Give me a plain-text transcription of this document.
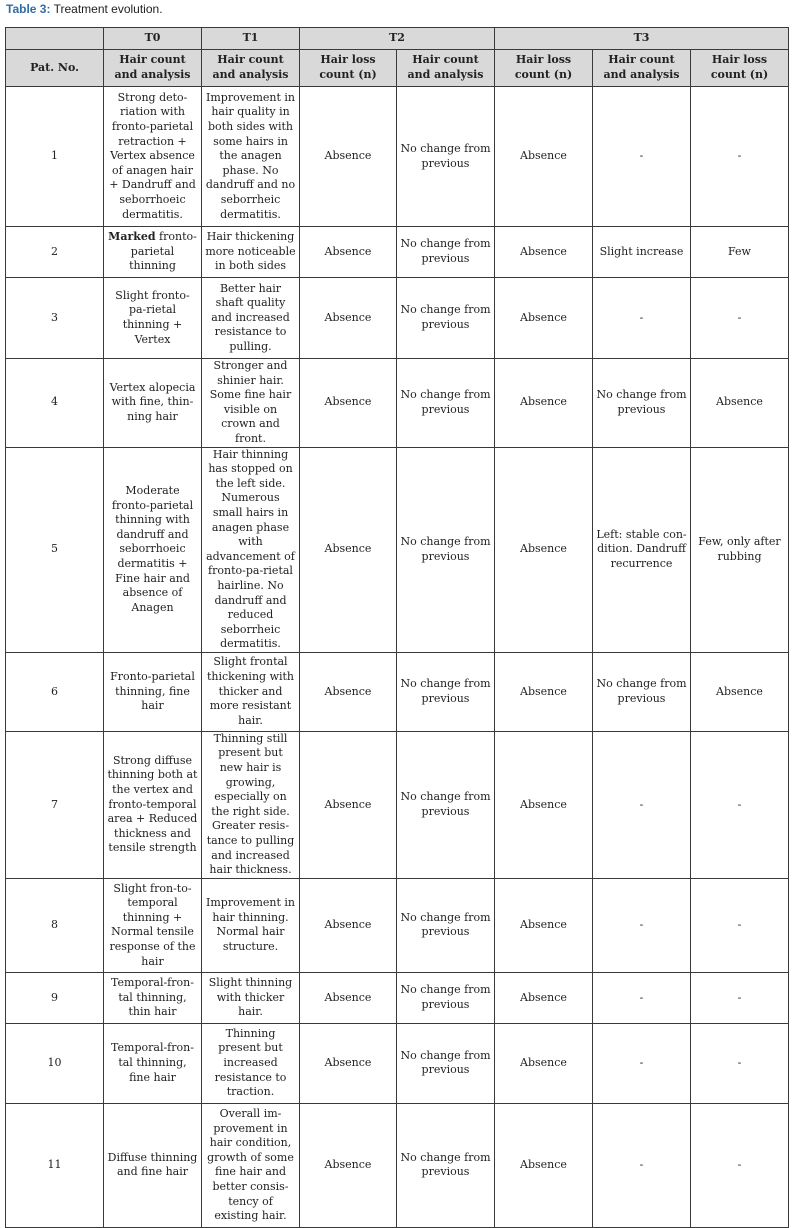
Table 3: Treatment evolution.
	T0	T1	T2		T3		
Pat. No.	Hair count and analysis	Hair count and analysis	Hair loss count (n)	Hair count and analysis	Hair loss count (n)	Hair count and analysis	Hair loss count (n)
1	Strong deto-riation with fronto-parietal retraction + Vertex absence of anagen hair + Dandruff and seborrhoeic dermatitis.	Improvement in hair quality in both sides with some hairs in the anagen phase. No dandruff and no seborrheic dermatitis.	Absence	No change from previous	Absence	-	-
2	Marked fronto-parietal thinning	Hair thickening more noticeable in both sides	Absence	No change from previous	Absence	Slight increase	Few
3	Slight fronto-pa-rietal thinning + Vertex	Better hair shaft quality and increased resistance to pulling.	Absence	No change from previous	Absence	-	-
4	Vertex alopecia with fine, thin-ning hair	Stronger and shinier hair. Some fine hair visible on crown and front.	Absence	No change from previous	Absence	No change from previous	Absence
5	Moderate fronto-parietal thinning with dandruff and seborrhoeic dermatitis + Fine hair and absence of Anagen	Hair thinning has stopped on the left side. Numerous small hairs in anagen phase with advancement of fronto-pa-rietal hairline. No dandruff and reduced seborrheic dermatitis.	Absence	No change from previous	Absence	Left: stable con-dition. Dandruff recurrence	Few, only after rubbing
6	Fronto-parietal thinning, fine hair	Slight frontal thickening with thicker and more resistant hair.	Absence	No change from previous	Absence	No change from previous	Absence
7	Strong diffuse thinning both at the vertex and fronto-temporal area + Reduced thickness and tensile strength	Thinning still present but new hair is growing, especially on the right side. Greater resis-tance to pulling and increased hair thickness.	Absence	No change from previous	Absence	-	-
8	Slight fron-to-temporal thinning + Normal tensile response of the hair	Improvement in hair thinning. Normal hair structure.	Absence	No change from previous	Absence	-	-
9	Temporal-fron-tal thinning, thin hair	Slight thinning with thicker hair.	Absence	No change from previous	Absence	-	-
10	Temporal-fron-tal thinning, fine hair	Thinning present but increased resistance to traction.	Absence	No change from previous	Absence	-	-
11	Diffuse thinning and fine hair	Overall im-provement in hair condition, growth of some fine hair and better consis-tency of existing hair.	Absence	No change from previous	Absence	-	-
